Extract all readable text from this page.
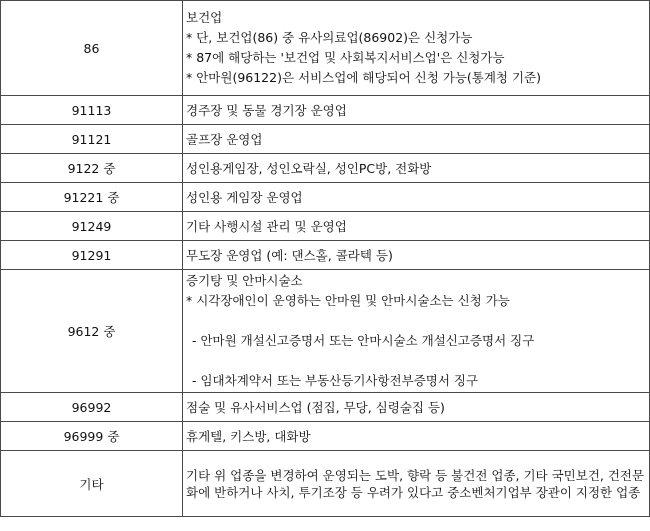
86	보건업
* 단, 보건업(86) 중 유사의료업(86902)은 신청가능
* 87에 해당하는 '보건업 및 사회복지서비스업'은 신청가능
* 안마원(96122)은 서비스업에 해당되어 신청 가능(통계청 기준)

91113	경주장 및 동물 경기장 운영업
91121	골프장 운영업
9122 중	성인용게임장, 성인오락실, 성인PC방, 전화방
91221 중	성인용 게임장 운영업
91249	기타 사행시설 관리 및 운영업
91291	무도장 운영업 (예: 댄스홀, 콜라텍 등)
9612 중	증기탕 및 안마시술소
* 시각장애인이 운영하는 안마원 및 안마시술소는 신청 가능
- 안마원 개설신고증명서 또는 안마시술소 개설신고증명서 징구
- 임대차계약서 또는 부동산등기사항전부증명서 징구

96992	점술 및 유사서비스업 (점집, 무당, 심령술집 등)
96999 중	휴게텔, 키스방, 대화방
기타	기타 위 업종을 변경하여 운영되는 도박, 향락 등 불건전 업종, 기타 국민보건, 건전문화에 반하거나 사치, 투기조장 등 우려가 있다고 중소벤처기업부 장관이 지정한 업종
